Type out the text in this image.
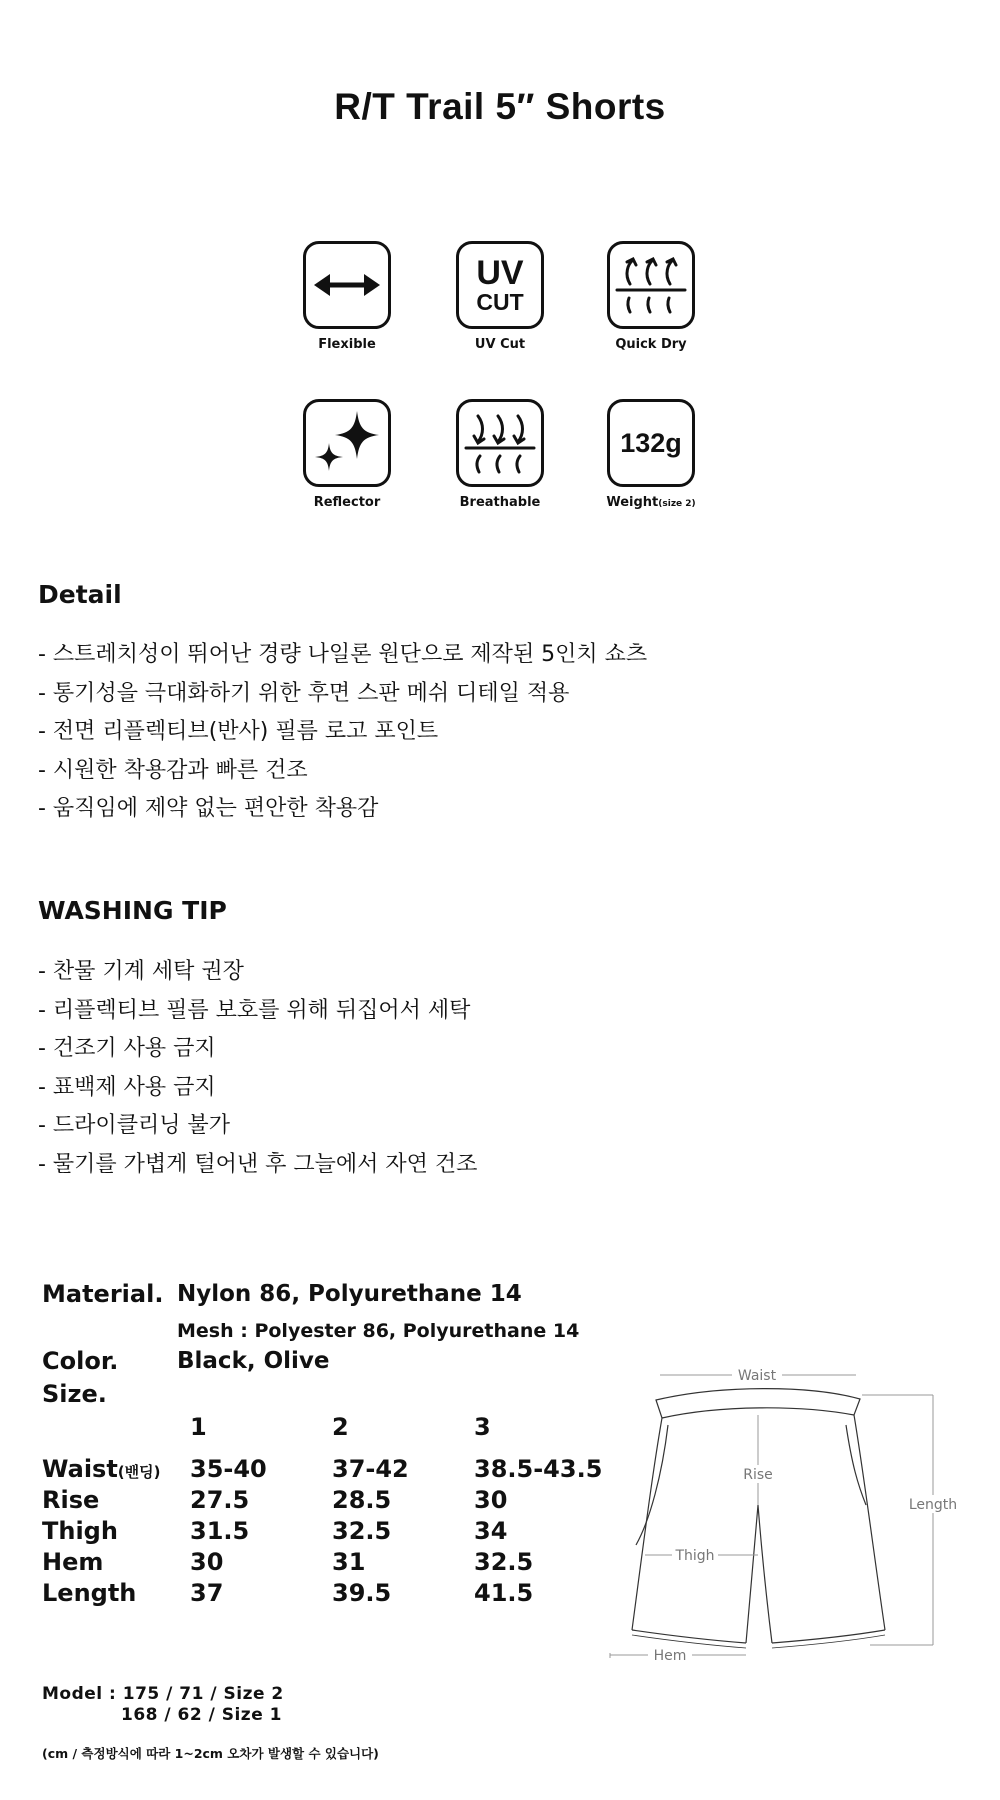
R/T Trail 5″ Shorts
Flexible
UV
CUT
UV Cut	Quick Dry
Reflector	Breathable
132g
Weight(size 2)
Detail
- 스트레치성이 뛰어난 경량 나일론 원단으로 제작된 5인치 쇼츠
- 통기성을 극대화하기 위한 후면 스판 메쉬 디테일 적용
- 전면 리플렉티브(반사) 필름 로고 포인트
- 시원한 착용감과 빠른 건조
- 움직임에 제약 없는 편안한 착용감
WASHING TIP
- 찬물 기계 세탁 권장
- 리플렉티브 필름 보호를 위해 뒤집어서 세탁
- 건조기 사용 금지
- 표백제 사용 금지
- 드라이클리닝 불가
- 물기를 가볍게 털어낸 후 그늘에서 자연 건조
Material. Nylon 86, Polyurethane 14
Mesh : Polyester 86, Polyurethane 14
Color.	Black, Olive
Size.
1	2	3
Waist(밴딩) 35-40	37-42	38.5-43.5
Rise	27.5	28.5	30
Thigh	31.5	32.5	34
Hem	30	31	32.5
Length 37	39.5	41.5
Waist
Rise
Length
Thigh
Hem
Model : 175 / 71 / Size 2
168 / 62 / Size 1
(cm / 측정방식에 따라 1~2cm 오차가 발생할 수 있습니다)
